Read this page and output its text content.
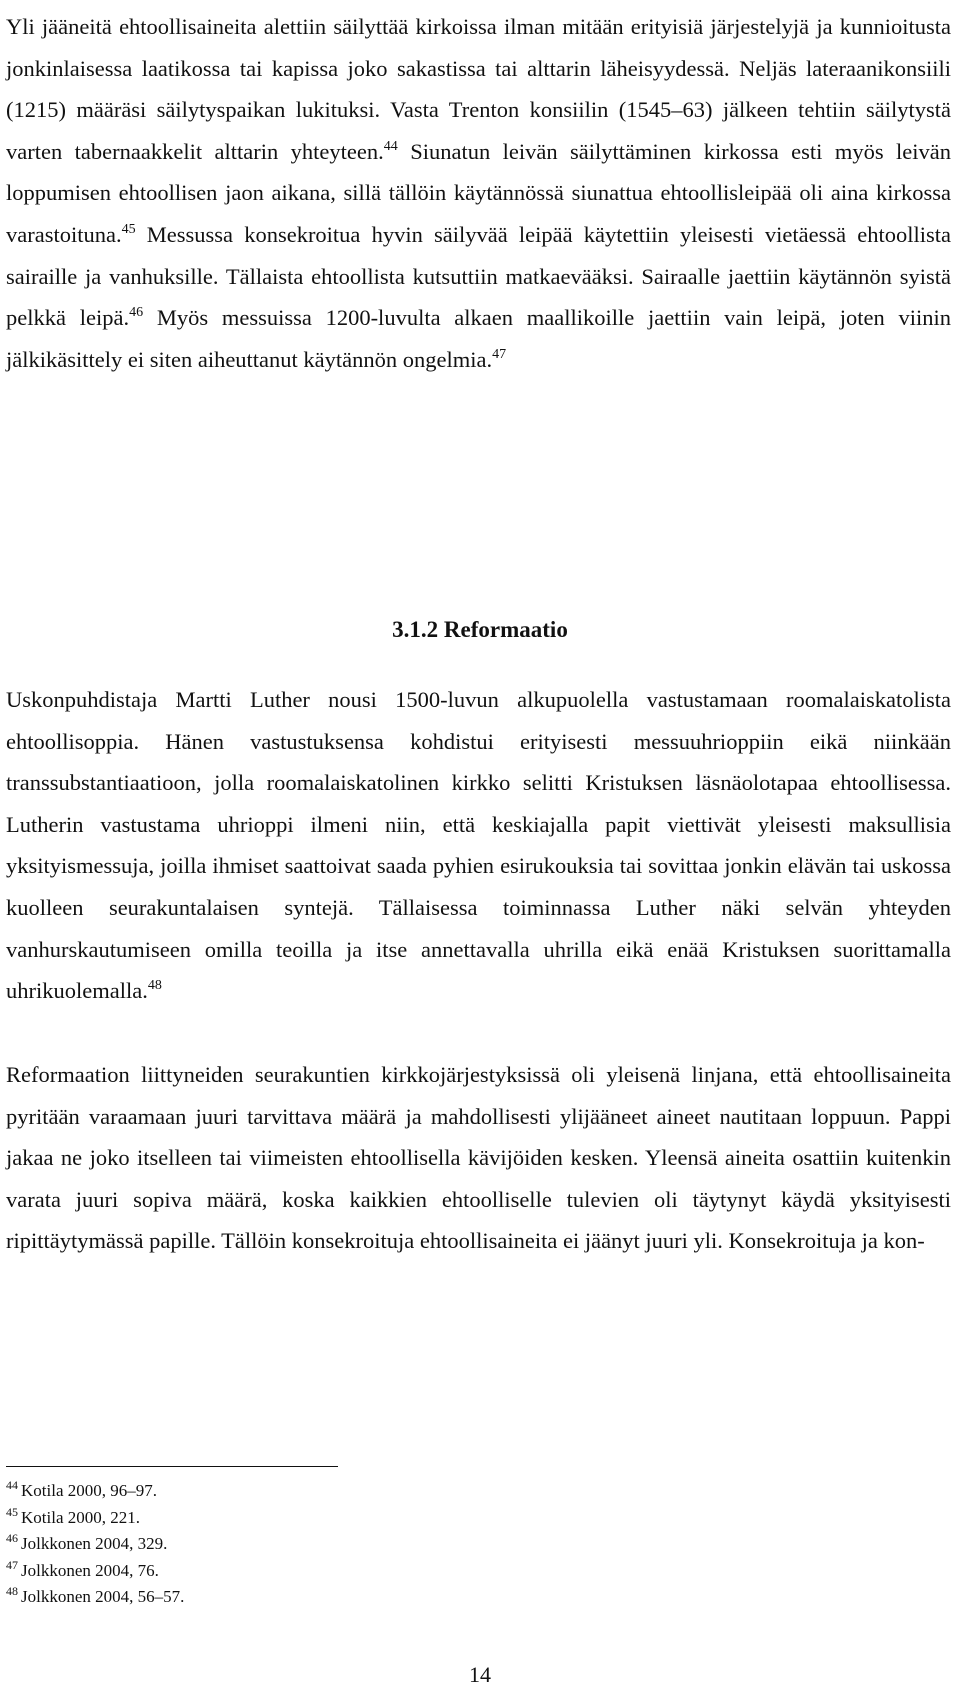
Yli jääneitä ehtoollisaineita alettiin säilyttää kirkoissa ilman mitään erityisiä järjestelyjä ja kunnioitusta jonkinlaisessa laatikossa tai kapissa joko sakastissa tai alttarin läheisyydessä. Neljäs lateraanikonsiili (1215) määräsi säilytyspaikan lukituksi. Vasta Trenton konsiilin (1545–63) jälkeen tehtiin säilytystä varten tabernaakkelit alttarin yhteyteen.$^{44}$ Siunatun leivän säilyttäminen kirkossa esti myös leivän loppumisen ehtoollisen jaon aikana, sillä tällöin käytännössä siunattua ehtoollisleipää oli aina kirkossa varastoituna.$^{45}$ Messussa konsekroitua hyvin säilyvää leipää käytettiin yleisesti vietäessä ehtoollista sairaille ja vanhuksille. Tällaista ehtoollista kutsuttiin matkaevääksi. Sairaalle jaettiin käytännön syistä pelkkä leipä.$^{46}$ Myös messuissa 1200-luvulta alkaen maallikoille jaettiin vain leipä, joten viinin jälkikäsittely ei siten aiheuttanut käytännön ongelmia.$^{47}$

3.1.2 Reformaatio

Uskonpuhdistaja Martti Luther nousi 1500-luvun alkupuolella vastustamaan roomalaiskatolista ehtoollisoppia. Hänen vastustuksensa kohdistui erityisesti messuuhrioppiin eikä niinkään transsubstantiaatioon, jolla roomalaiskatolinen kirkko selitti Kristuksen läsnäolotapaa ehtoollisessa. Lutherin vastustama uhrioppi ilmeni niin, että keskiajalla papit viettivät yleisesti maksullisia yksityismessuja, joilla ihmiset saattoivat saada pyhien esirukouksia tai sovittaa jonkin elävän tai uskossa kuolleen seurakuntalaisen syntejä. Tällaisessa toiminnassa Luther näki selvän yhteyden vanhurskautumiseen omilla teoilla ja itse annettavalla uhrilla eikä enää Kristuksen suorittamalla uhrikuolemalla.$^{48}$

Reformaation liittyneiden seurakuntien kirkkojärjestyksissä oli yleisenä linjana, että ehtoollisaineita pyritään varaamaan juuri tarvittava määrä ja mahdollisesti ylijääneet aineet nautitaan loppuun. Pappi jakaa ne joko itselleen tai viimeisten ehtoollisella kävijöiden kesken. Yleensä aineita osattiin kuitenkin varata juuri sopiva määrä, koska kaikkien ehtoolliselle tulevien oli täytynyt käydä yksityisesti ripittäytymässä papille. Tällöin konsekroituja ehtoollisaineita ei jäänyt juuri yli. Konsekroituja ja kon-

$^{44}$ Kotila 2000, 96–97.
$^{45}$ Kotila 2000, 221.
$^{46}$ Jolkkonen 2004, 329.
$^{47}$ Jolkkonen 2004, 76.
$^{48}$ Jolkkonen 2004, 56–57.
14
